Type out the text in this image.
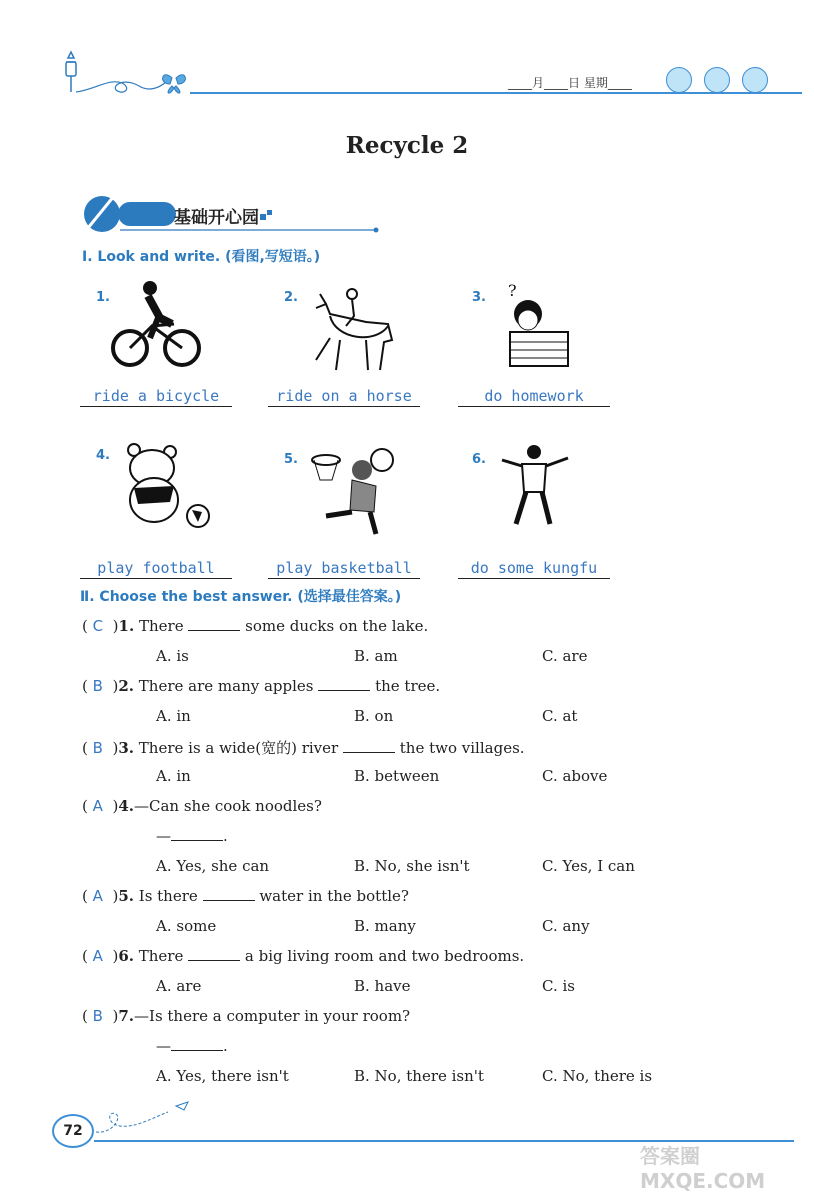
____月____日 星期____
Recycle 2
基础开心园
Ⅰ. Look and write. (看图,写短语。)
1.
ride a bicycle
2.
ride on a horse
3. ?
do homework
4.
play football
5.
play basketball
6.
do some kungfu
Ⅱ. Choose the best answer. (选择最佳答案。)
( C )1. There	some ducks on the lake.
A. is	B. am	C. are
( B )2. There are many apples	the tree.
A. in	B. on	C. at
( B )3. There is a wide(宽的) river	the two villages.
A. in	B. between	C. above
( A )4.—Can she cook noodles?
—	.
A. Yes, she can	B. No, she isn't	C. Yes, I can
( A )5. Is there	water in the bottle?
A. some	B. many	C. any
( A )6. There	a big living room and two bedrooms.
A. are	B. have	C. is
( B )7.—Is there a computer in your room?
—	.
A. Yes, there isn't	B. No, there isn't	C. No, there is
72
答案圈 MXQE.COM
